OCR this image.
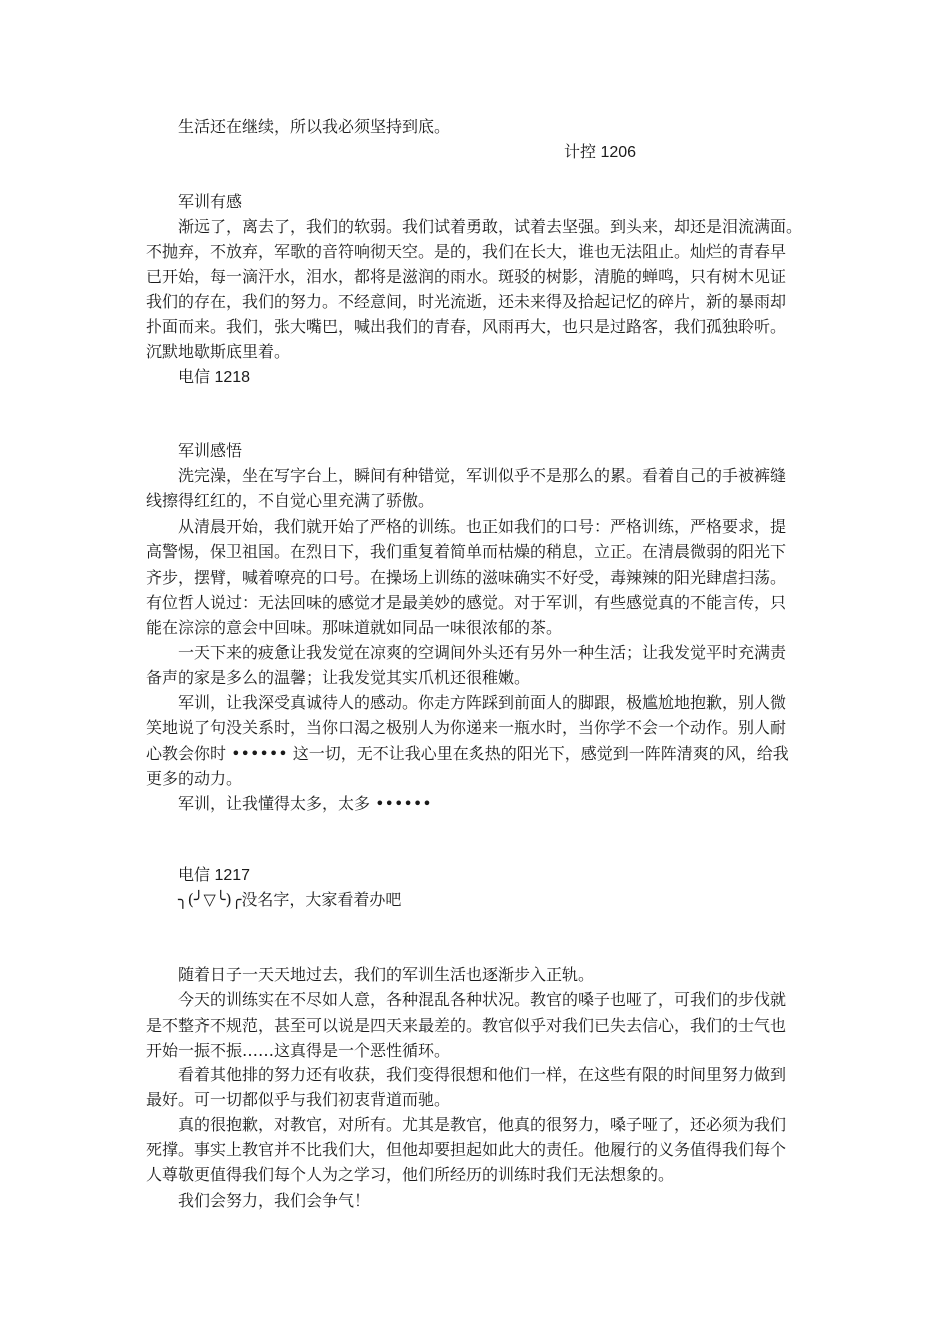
生活还在继续，所以我必须坚持到底。
计控 1206
军训有感
渐远了，离去了，我们的软弱。我们试着勇敢，试着去坚强。到头来，却还是泪流满面。
不抛弃，不放弃，军歌的音符响彻天空。是的，我们在长大，谁也无法阻止。灿烂的青春早
已开始，每一滴汗水，泪水，都将是滋润的雨水。斑驳的树影，清脆的蝉鸣，只有树木见证
我们的存在，我们的努力。不经意间，时光流逝，还未来得及拾起记忆的碎片，新的暴雨却
扑面而来。我们，张大嘴巴，喊出我们的青春，风雨再大，也只是过路客，我们孤独聆听。
沉默地歇斯底里着。
电信 1218
军训感悟
洗完澡，坐在写字台上，瞬间有种错觉，军训似乎不是那么的累。看着自己的手被裤缝
线擦得红红的，不自觉心里充满了骄傲。
从清晨开始，我们就开始了严格的训练。也正如我们的口号：严格训练，严格要求，提
高警惕，保卫祖国。在烈日下，我们重复着简单而枯燥的稍息，立正。在清晨微弱的阳光下
齐步，摆臂，喊着嘹亮的口号。在操场上训练的滋味确实不好受，毒辣辣的阳光肆虐扫荡。
有位哲人说过：无法回味的感觉才是最美妙的感觉。对于军训，有些感觉真的不能言传，只
能在淙淙的意会中回味。那味道就如同品一味很浓郁的茶。
一天下来的疲惫让我发觉在凉爽的空调间外头还有另外一种生活；让我发觉平时充满责
备声的家是多么的温馨；让我发觉其实爪机还很稚嫩。
军训，让我深受真诚待人的感动。你走方阵踩到前面人的脚跟，极尴尬地抱歉，别人微
笑地说了句没关系时，当你口渴之极别人为你递来一瓶水时，当你学不会一个动作。别人耐
心教会你时 •••••• 这一切，无不让我心里在炙热的阳光下，感觉到一阵阵清爽的风，给我
更多的动力。
军训，让我懂得太多，太多 ••••••
电信 1217
╮(╯▽╰)╭没名字，大家看着办吧
随着日子一天天地过去，我们的军训生活也逐渐步入正轨。
今天的训练实在不尽如人意，各种混乱各种状况。教官的嗓子也哑了，可我们的步伐就
是不整齐不规范，甚至可以说是四天来最差的。教官似乎对我们已失去信心，我们的士气也
开始一振不振……这真得是一个恶性循环。
看着其他排的努力还有收获，我们变得很想和他们一样，在这些有限的时间里努力做到
最好。可一切都似乎与我们初衷背道而驰。
真的很抱歉，对教官，对所有。尤其是教官，他真的很努力，嗓子哑了，还必须为我们
死撑。事实上教官并不比我们大，但他却要担起如此大的责任。他履行的义务值得我们每个
人尊敬更值得我们每个人为之学习，他们所经历的训练时我们无法想象的。
我们会努力，我们会争气！
